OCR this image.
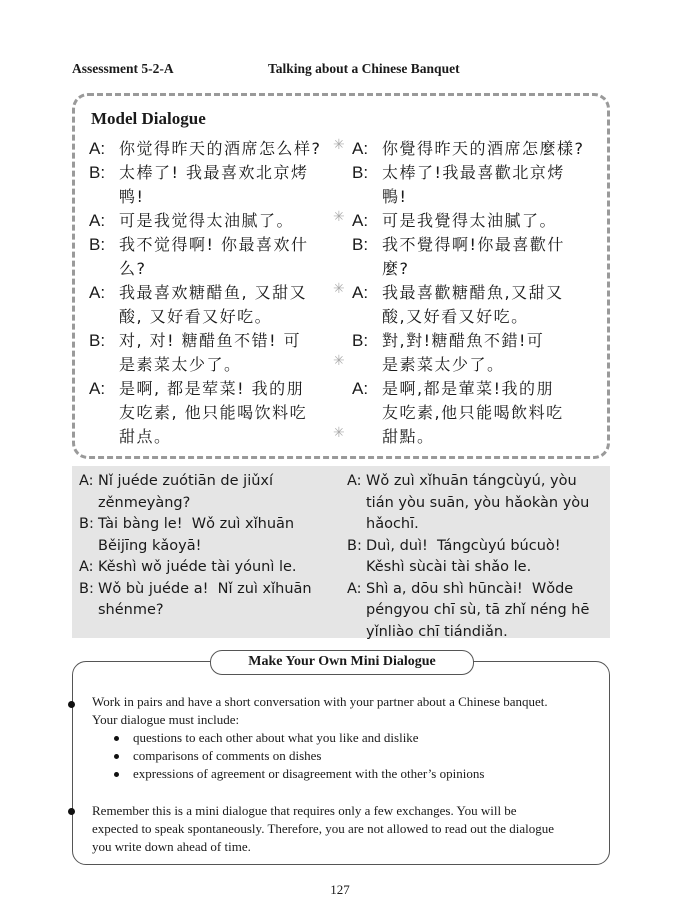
Assessment 5-2-A	Talking about a Chinese Banquet
Model Dialogue
A: 你觉得昨天的酒席怎么样?
B: 太棒了! 我最喜欢北京烤
鸭!
A: 可是我觉得太油腻了。
B: 我不觉得啊! 你最喜欢什
么?
A: 我最喜欢糖醋鱼, 又甜又
酸, 又好看又好吃。
B: 对, 对! 糖醋鱼不错! 可
是素菜太少了。
A: 是啊, 都是荤菜! 我的朋
友吃素, 他只能喝饮料吃
甜点。
A: 你覺得昨天的酒席怎麼樣?
B: 太棒了!我最喜歡北京烤
鴨!
A: 可是我覺得太油膩了。
B: 我不覺得啊!你最喜歡什
麼?
A: 我最喜歡糖醋魚,又甜又
酸,又好看又好吃。
B: 對,對!糖醋魚不錯!可
是素菜太少了。
A: 是啊,都是葷菜!我的朋
友吃素,他只能喝飲料吃
甜點。
✳
✳
✳
✳
✳
A: Nǐ juéde zuótiān de jiǔxí
zěnmeyàng?
B: Tài bàng le!  Wǒ zuì xǐhuān
Běijīng kǎoyā!
A: Kěshì wǒ juéde tài yóunì le.
B: Wǒ bù juéde a!  Nǐ zuì xǐhuān
shénme?
A: Wǒ zuì xǐhuān tángcùyú, yòu
tián yòu suān, yòu hǎokàn yòu
hǎochī.
B: Duì, duì!  Tángcùyú búcuò!
Kěshì sùcài tài shǎo le.
A: Shì a, dōu shì hūncài!  Wǒde
péngyou chī sù, tā zhǐ néng hē
yǐnliào chī tiándiǎn.
Make Your Own Mini Dialogue
Work in pairs and have a short conversation with your partner about a Chinese banquet.
Your dialogue must include:
questions to each other about what you like and dislike
comparisons of comments on dishes
expressions of agreement or disagreement with the other’s opinions
Remember this is a mini dialogue that requires only a few exchanges. You will be
expected to speak spontaneously. Therefore, you are not allowed to read out the dialogue
you write down ahead of time.
127
